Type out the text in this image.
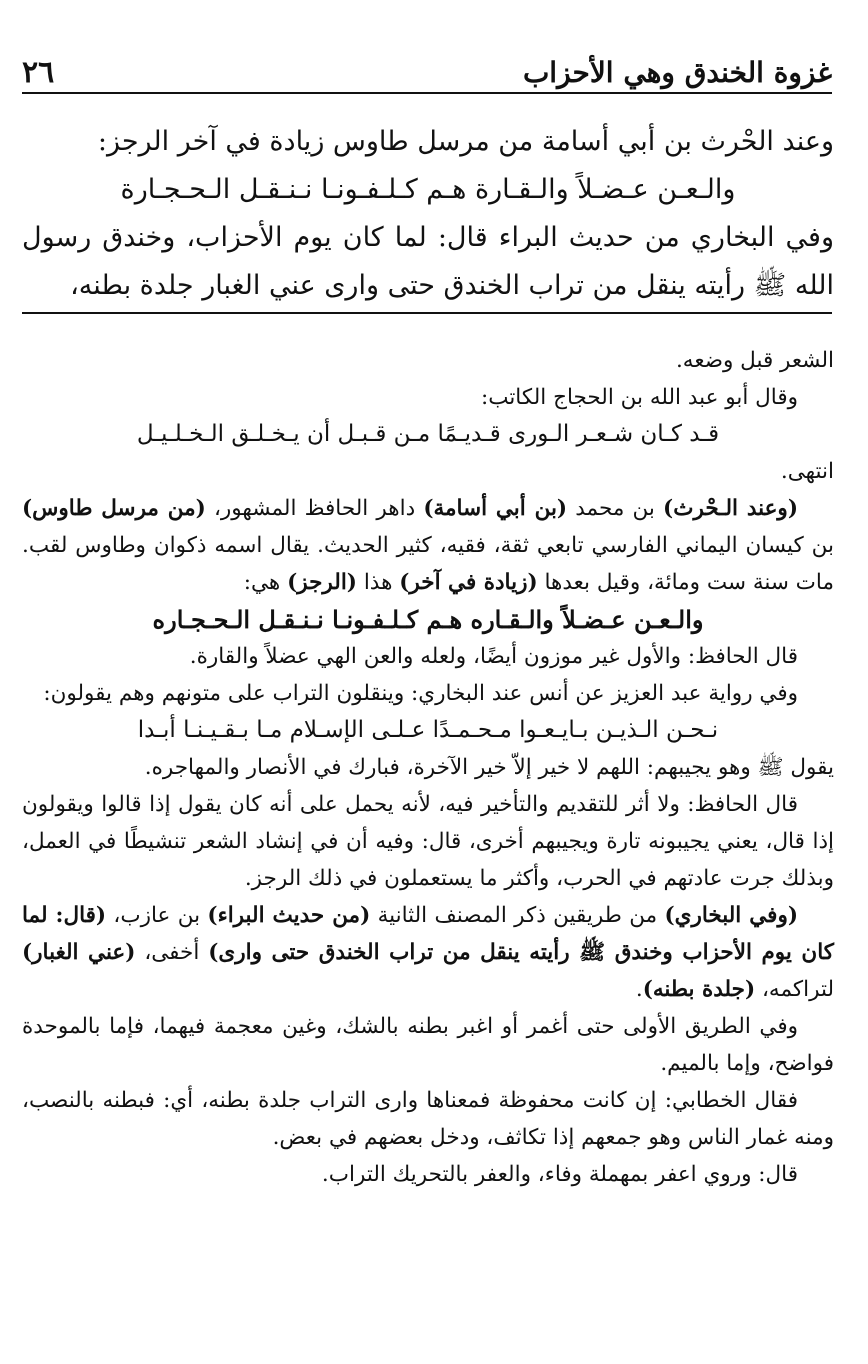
غزوة الخندق وهي الأحزاب
٢٦

وعند الحْرث بن أبي أسامة من مرسل طاوس زيادة في آخر الرجز:

والـعـن عـضـلاً والـقـارة هـم كـلـفـونـا نـنـقـل الـحـجـارة

وفي البخاري من حديث البراء قال: لما كان يوم الأحزاب، وخندق رسول الله ﷺ رأيته ينقل من تراب الخندق حتى وارى عني الغبار جلدة بطنه،

الشعر قبل وضعه.

وقال أبو عبد الله بن الحجاج الكاتب:

قـد كـان شـعـر الـورى قـديـمًا مـن قـبـل أن يـخـلـق الـخـلـيـل

انتهى.

(وعند الـحْرث) بن محمد (بن أبي أسامة) داهر الحافظ المشهور، (من مرسل طاوس) بن كيسان اليماني الفارسي تابعي ثقة، فقيه، كثير الحديث. يقال اسمه ذكوان وطاوس لقب. مات سنة ست ومائة، وقيل بعدها (زيادة في آخر) هذا (الرجز) هي:

والـعـن عـضـلاً والـقـاره هـم كـلـفـونـا نـنـقـل الـحـجـاره

قال الحافظ: والأول غير موزون أيضًا، ولعله والعن الهي عضلاً والقارة.

وفي رواية عبد العزيز عن أنس عند البخاري: وينقلون التراب على متونهم وهم يقولون:

نـحـن الـذيـن بـايـعـوا مـحـمـدًا عـلـى الإسـلام مـا بـقـيـنـا أبـدا

يقول ﷺ وهو يجيبهم: اللهم لا خير إلاّ خير الآخرة، فبارك في الأنصار والمهاجره.

قال الحافظ: ولا أثر للتقديم والتأخير فيه، لأنه يحمل على أنه كان يقول إذا قالوا ويقولون إذا قال، يعني يجيبونه تارة ويجيبهم أخرى، قال: وفيه أن في إنشاد الشعر تنشيطًا في العمل، وبذلك جرت عادتهم في الحرب، وأكثر ما يستعملون في ذلك الرجز.

(وفي البخاري) من طريقين ذكر المصنف الثانية (من حديث البراء) بن عازب، (قال: لما كان يوم الأحزاب وخندق ﷺ رأيته ينقل من تراب الخندق حتى وارى) أخفى، (عني الغبار) لتراكمه، (جلدة بطنه).

وفي الطريق الأولى حتى أغمر أو اغبر بطنه بالشك، وغين معجمة فيهما، فإما بالموحدة فواضح، وإما بالميم.

فقال الخطابي: إن كانت محفوظة فمعناها وارى التراب جلدة بطنه، أي: فبطنه بالنصب، ومنه غمار الناس وهو جمعهم إذا تكاثف، ودخل بعضهم في بعض.

قال: وروي اعفر بمهملة وفاء، والعفر بالتحريك التراب.
